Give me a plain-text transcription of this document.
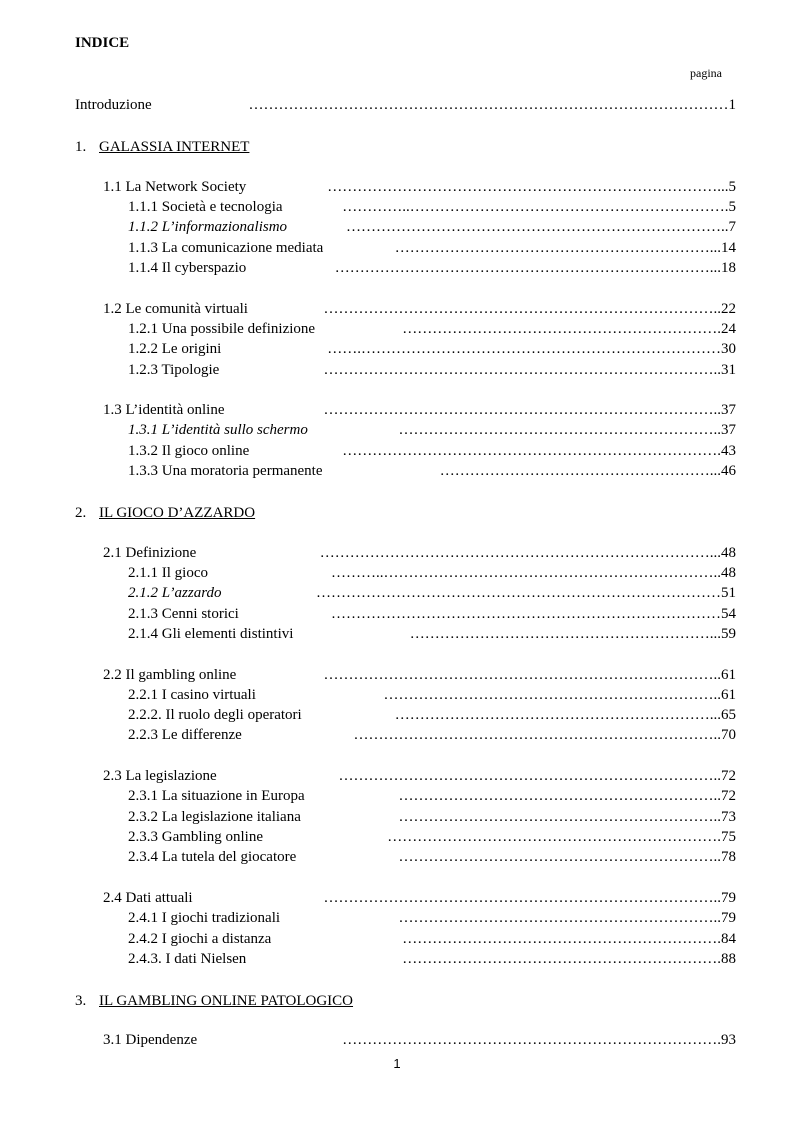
INDICE
pagina
Introduzione	……………………………………………………………………………………1
1. GALASSIA INTERNET
1.1 La Network Society	……………………………………………………………………...5
1.1.1 Società e tecnologia	…………..……………………………………………………….5
1.1.2 L’informazionalismo	…………………………………………………………………..7
1.1.3 La comunicazione mediata	………………………………………………………...14
1.1.4 Il cyberspazio	…………………………………………………………………...18
1.2 Le comunità virtuali	……………………………………………………………………..22
1.2.1 Una possibile definizione	……………………………………………………….24
1.2.2 Le origini	…….………………………………………………………………30
1.2.3 Tipologie	……………………………………………………………………..31
1.3 L’identità online	……………………………………………………………………..37
1.3.1 L’identità sullo schermo	………………………………………………………..37
1.3.2 Il gioco online	………………………………………………………………….43
1.3.3 Una moratoria permanente	………………………………………………...46
2. IL GIOCO D’AZZARDO
2.1 Definizione	……………………………………………………………………...48
2.1.1 Il gioco	………..…………………………………………………………..48
2.1.2 L’azzardo	………………………………………………………………………51
2.1.3 Cenni storici	……………………………………………………………………54
2.1.4 Gli elementi distintivi	……………………………………………………...59
2.2 Il gambling online	……………………………………………………………………..61
2.2.1 I casino virtuali	…………………………………………………………..61
2.2.2. Il ruolo degli operatori	………………………………………………………...65
2.2.3 Le differenze	………………………………………………………………..70
2.3 La legislazione	…………………………………………………………………..72
2.3.1 La situazione in Europa	………………………………………………………..72
2.3.2 La legislazione italiana	………………………………………………………..73
2.3.3 Gambling online	………………………………………………………….75
2.3.4 La tutela del giocatore	………………………………………………………..78
2.4 Dati attuali	……………………………………………………………………..79
2.4.1 I giochi tradizionali	………………………………………………………..79
2.4.2 I giochi a distanza	……………………………………………………….84
2.4.3. I dati Nielsen	……………………………………………………….88
3. IL GAMBLING ONLINE PATOLOGICO
3.1 Dipendenze	………………………………………………………………….93
1
